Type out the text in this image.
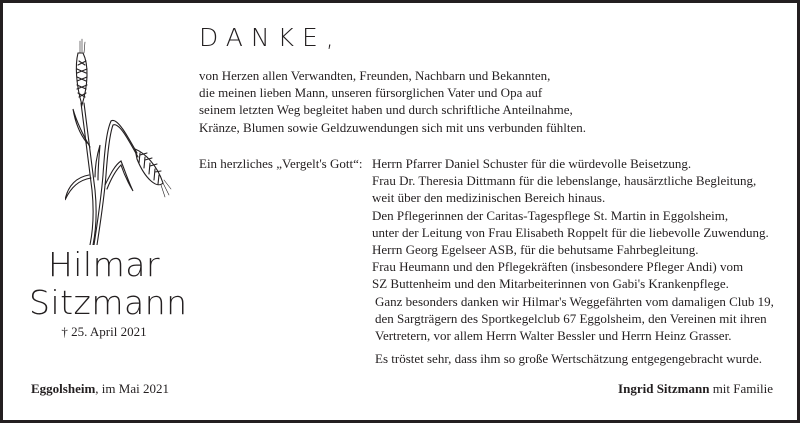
Hilmar
Sitzmann
† 25. April 2021
DANKE,
von Herzen allen Verwandten, Freunden, Nachbarn und Bekannten,
die meinen lieben Mann, unseren fürsorglichen Vater und Opa auf
seinem letzten Weg begleitet haben und durch schriftliche Anteilnahme,
Kränze, Blumen sowie Geldzuwendungen sich mit uns verbunden fühlten.
Ein herzliches „Vergelt's Gott“: Herrn Pfarrer Daniel Schuster für die würdevolle Beisetzung.
Frau Dr. Theresia Dittmann für die lebenslange, hausärztliche Begleitung,
weit über den medizinischen Bereich hinaus.
Den Pflegerinnen der Caritas-Tagespflege St. Martin in Eggolsheim,
unter der Leitung von Frau Elisabeth Roppelt für die liebevolle Zuwendung.
Herrn Georg Egelseer ASB, für die behutsame Fahrbegleitung.
Frau Heumann und den Pflegekräften (insbesondere Pfleger Andi) vom
SZ Buttenheim und den Mitarbeiterinnen von Gabi's Krankenpflege.
Ganz besonders danken wir Hilmar's Weggefährten vom damaligen Club 19,
den Sargträgern des Sportkegelclub 67 Eggolsheim, den Vereinen mit ihren
Vertretern, vor allem Herrn Walter Bessler und Herrn Heinz Grasser.
Es tröstet sehr, dass ihm so große Wertschätzung entgegengebracht wurde.
Eggolsheim, im Mai 2021	Ingrid Sitzmann mit Familie
